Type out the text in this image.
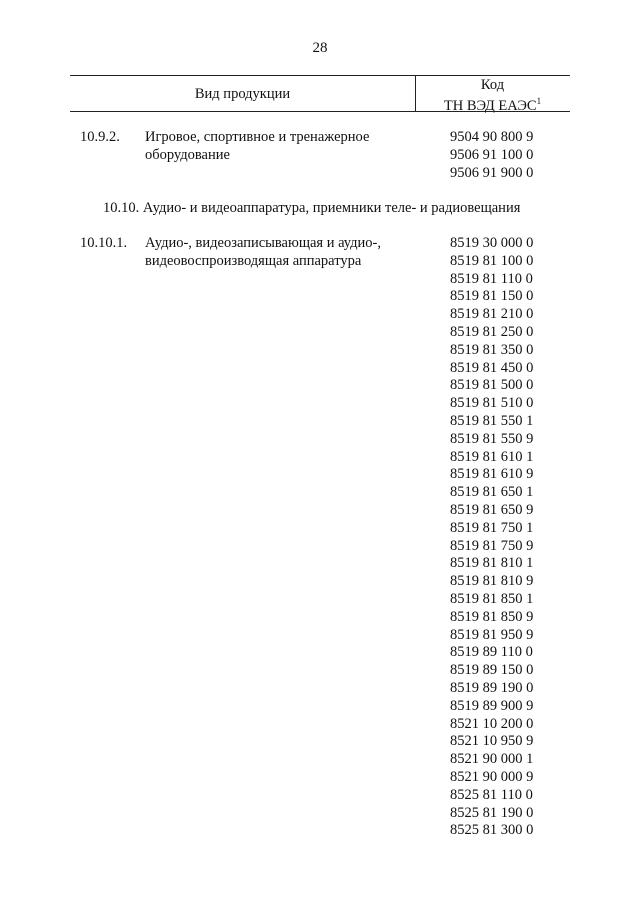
28
Вид продукции
Код
ТН ВЭД ЕАЭС$^1$
10.9.2. Игровое, спортивное и тренажерное оборудование
9504 90 800 9
9506 91 100 0
9506 91 900 0
10.10. Аудио- и видеоаппаратура, приемники теле- и радиовещания
10.10.1. Аудио-, видеозаписывающая и аудио-, видеовоспроизводящая аппаратура
8519 30 000 0
8519 81 100 0
8519 81 110 0
8519 81 150 0
8519 81 210 0
8519 81 250 0
8519 81 350 0
8519 81 450 0
8519 81 500 0
8519 81 510 0
8519 81 550 1
8519 81 550 9
8519 81 610 1
8519 81 610 9
8519 81 650 1
8519 81 650 9
8519 81 750 1
8519 81 750 9
8519 81 810 1
8519 81 810 9
8519 81 850 1
8519 81 850 9
8519 81 950 9
8519 89 110 0
8519 89 150 0
8519 89 190 0
8519 89 900 9
8521 10 200 0
8521 10 950 9
8521 90 000 1
8521 90 000 9
8525 81 110 0
8525 81 190 0
8525 81 300 0
